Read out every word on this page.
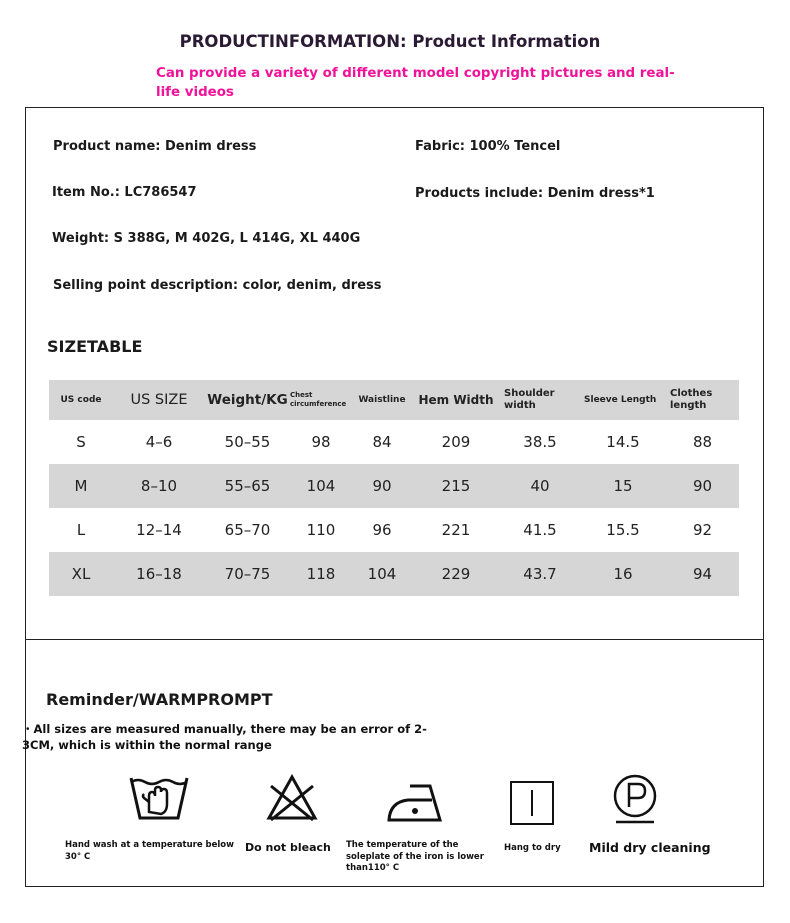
PRODUCTINFORMATION: Product Information
Can provide a variety of different model copyright pictures and real-life videos
Product name: Denim dress	Fabric: 100% Tencel
Item No.: LC786547	Products include: Denim dress*1
Weight: S 388G, M 402G, L 414G, XL 440G
Selling point description: color, denim, dress
SIZETABLE
US code	US SIZE	Weight/KG	Chest circumference	Waistline	Hem Width	Shoulder width	Sleeve Length	Clothes length
S	4–6	50–55	98	84	209	38.5	14.5	88
M	8–10	55–65	104	90	215	40	15	90
L	12–14	65–70	110	96	221	41.5	15.5	92
XL	16–18	70–75	118	104	229	43.7	16	94
Reminder/WARMPROMPT
・All sizes are measured manually, there may be an error of 2-3CM, which is within the normal range
Hand wash at a temperature below 30° C
Do not bleach The temperature of the soleplate of the iron is lower than110° C
Hang to dry Mild dry cleaning
